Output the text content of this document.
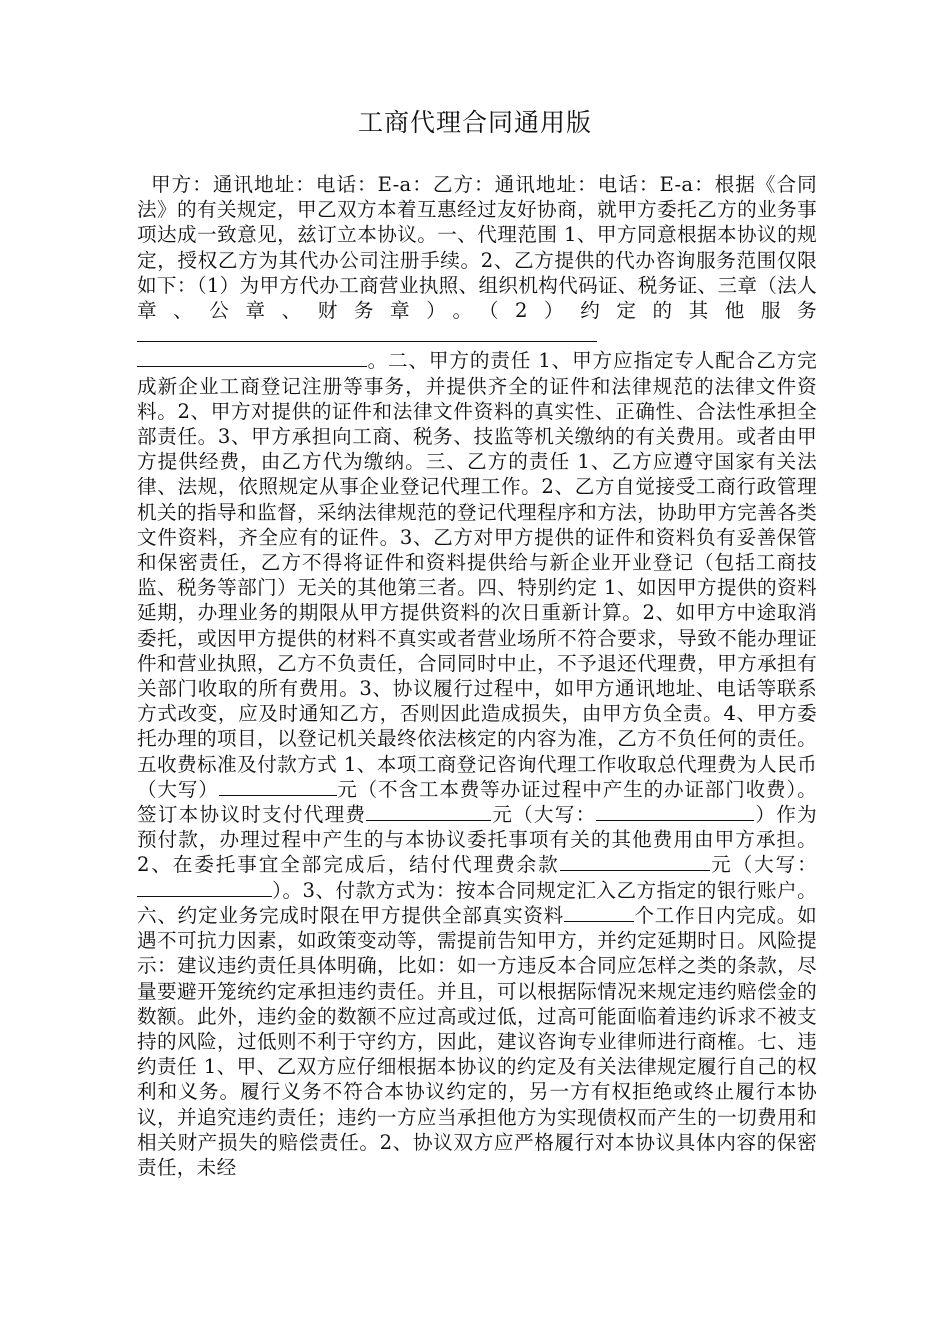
工商代理合同通用版
甲方：通讯地址：电话：E-a：乙方：通讯地址：电话：E-a：根据《合同法》的有关规定，甲乙双方本着互惠经过友好协商，就甲方委托乙方的业务事项达成一致意见，兹订立本协议。一、代理范围 1、甲方同意根据本协议的规定，授权乙方为其代办公司注册手续。2、乙方提供的代办咨询服务范围仅限如下：（1）为甲方代办工商营业执照、组织机构代码证、税务证、三章（法人章、公章、财务章）。（2）约定的其他服务。二、甲方的责任 1、甲方应指定专人配合乙方完成新企业工商登记注册等事务，并提供齐全的证件和法律规范的法律文件资料。2、甲方对提供的证件和法律文件资料的真实性、正确性、合法性承担全部责任。3、甲方承担向工商、税务、技监等机关缴纳的有关费用。或者由甲方提供经费，由乙方代为缴纳。三、乙方的责任 1、乙方应遵守国家有关法律、法规，依照规定从事企业登记代理工作。2、乙方自觉接受工商行政管理机关的指导和监督，采纳法律规范的登记代理程序和方法，协助甲方完善各类文件资料，齐全应有的证件。3、乙方对甲方提供的证件和资料负有妥善保管和保密责任，乙方不得将证件和资料提供给与新企业开业登记（包括工商技监、税务等部门）无关的其他第三者。四、特别约定 1、如因甲方提供的资料延期，办理业务的期限从甲方提供资料的次日重新计算。2、如甲方中途取消委托，或因甲方提供的材料不真实或者营业场所不符合要求，导致不能办理证件和营业执照，乙方不负责任，合同同时中止，不予退还代理费，甲方承担有关部门收取的所有费用。3、协议履行过程中，如甲方通讯地址、电话等联系方式改变，应及时通知乙方，否则因此造成损失，由甲方负全责。4、甲方委托办理的项目，以登记机关最终依法核定的内容为准，乙方不负任何的责任。五收费标准及付款方式 1、本项工商登记咨询代理工作收取总代理费为人民币（大写）	元（不含工本费等办证过程中产生的办证部门收费）。签订本协议时支付代理费	元（大写：	）作为预付款，办理过程中产生的与本协议委托事项有关的其他费用由甲方承担。2、在委托事宜全部完成后，结付代理费余款	元（大写：）。3、付款方式为：按本合同规定汇入乙方指定的银行账户。六、约定业务完成时限在甲方提供全部真实资料	个工作日内完成。如遇不可抗力因素，如政策变动等，需提前告知甲方，并约定延期时日。风险提示：建议违约责任具体明确，比如：如一方违反本合同应怎样之类的条款，尽量要避开笼统约定承担违约责任。并且，可以根据际情况来规定违约赔偿金的数额。此外，违约金的数额不应过高或过低，过高可能面临着违约诉求不被支持的风险，过低则不利于守约方，因此，建议咨询专业律师进行商榷。七、违约责任 1、甲、乙双方应仔细根据本协议的约定及有关法律规定履行自己的权利和义务。履行义务不符合本协议约定的，另一方有权拒绝或终止履行本协议，并追究违约责任；违约一方应当承担他方为实现债权而产生的一切费用和相关财产损失的赔偿责任。2、协议双方应严格履行对本协议具体内容的保密责任，未经
